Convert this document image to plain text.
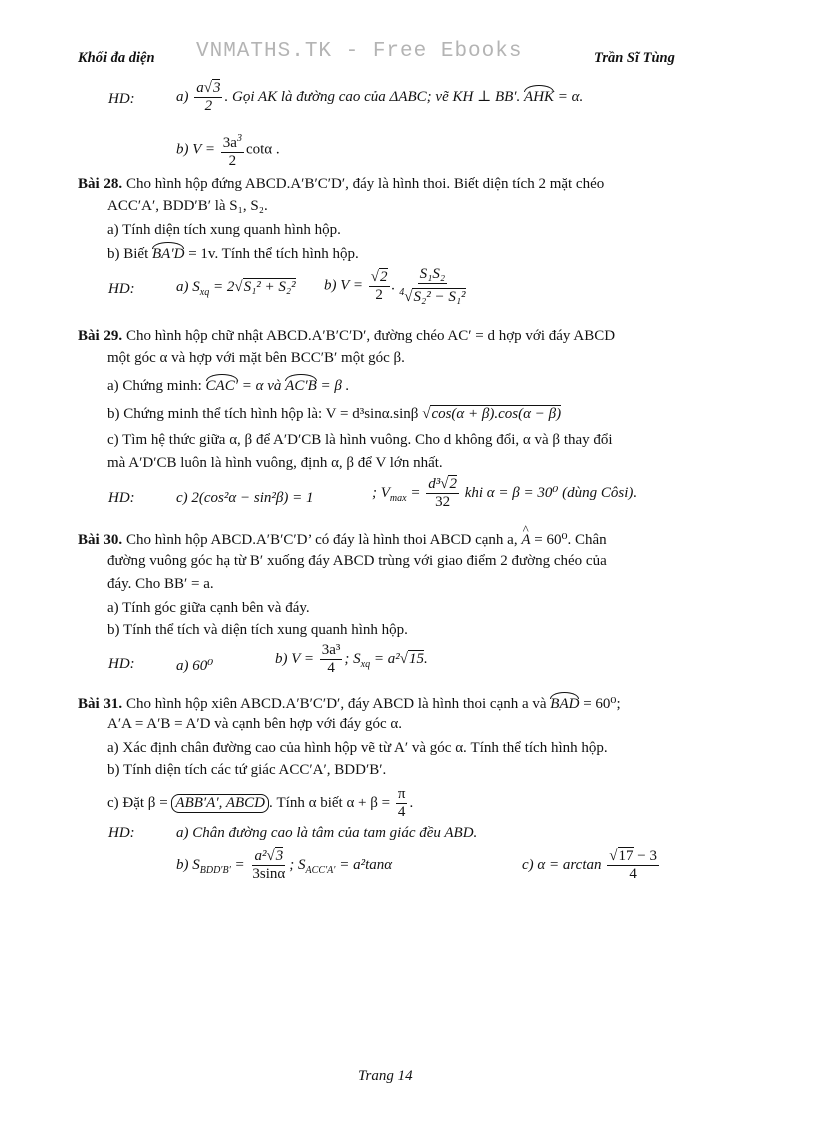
Khối đa diện VNMATHS.TK - Free Ebooks	Trần Sĩ Tùng
HD:	$a) \frac{a√ 3}{2}$ . Gọi AK là đường cao của ΔABC; vẽ KH ⊥ BB′. AHK = α.
b) $V = \frac{3a^3}{2}$ cotα .
Bài 28. Cho hình hộp đứng ABCD.A′B′C′D′, đáy là hình thoi. Biết diện tích 2 mặt chéo
ACC′A′, BDD′B′ là S₁, S₂.
a) Tính diện tích xung quanh hình hộp.
b) Biết BA′D = 1v. Tính thể tích hình hộp.
HD:	a) $S_{xq} = 2√$ S₁² + S₂² b) V =
√ $\frac{2}{2}$ . $\frac{\text{S₁S₂}}{^4√ S_2^2 - S_1^2}$
Bài 29. Cho hình hộp chữ nhật ABCD.A′B′C′D′, đường chéo AC′ = d hợp với đáy ABCD
một góc α và hợp với mặt bên BCC′B′ một góc β.
a) Chứng minh: CAC′ = α và AC′B = β .
b) Chứng minh thể tích hình hộp là: V = d³sinα.sinβ √ cos(α + β).cos(α − β)
c) Tìm hệ thức giữa α, β để A′D′CB là hình vuông. Cho d không đổi, α và β thay đổi
mà A′D′CB luôn là hình vuông, định α, β để V lớn nhất.
HD:	c) 2(cos²α − sin²β) = 1	; $V_{max} = \frac{\text{d³√ 2}}{32}$ khi α = β = 30⁰ (dùng Côsi).
Bài 30. Cho hình hộp ABCD.A′B′C′D’ có đáy là hình thoi ABCD cạnh a, ^ A = 60⁰. Chân
đường vuông góc hạ từ B′ xuống đáy ABCD trùng với giao điểm 2 đường chéo của
đáy. Cho BB′ = a.
a) Tính góc giữa cạnh bên và đáy.
b) Tính thể tích và diện tích xung quanh hình hộp.
HD:	a) 60⁰	b) $V = \frac{\text{3a³}}{4}$ ; $S_{xq} = a^2√$ 15.
Bài 31. Cho hình hộp xiên ABCD.A′B′C′D′, đáy ABCD là hình thoi cạnh a và BAD = 60⁰;
A′A = A′B = A′D và cạnh bên hợp với đáy góc α.
a) Xác định chân đường cao của hình hộp vẽ từ A′ và góc α. Tính thể tích hình hộp.
b) Tính diện tích các tứ giác ACC′A′, BDD′B′.
c) Đặt β = ABB′A′, ABCD . Tính α biết $\alpha + \beta = \frac{\pi}{4}$ .
HD:	a) Chân đường cao là tâm của tam giác đều ABD.
b) $S_{BDD'B'} = \frac{\text{a²√ 3}}{3\sin\alpha}$ ; $S_{ACC'A'} = a^2\tan\alpha$	c) α = arctan
√ $\frac{17 - 3}{4}$
Trang 14
